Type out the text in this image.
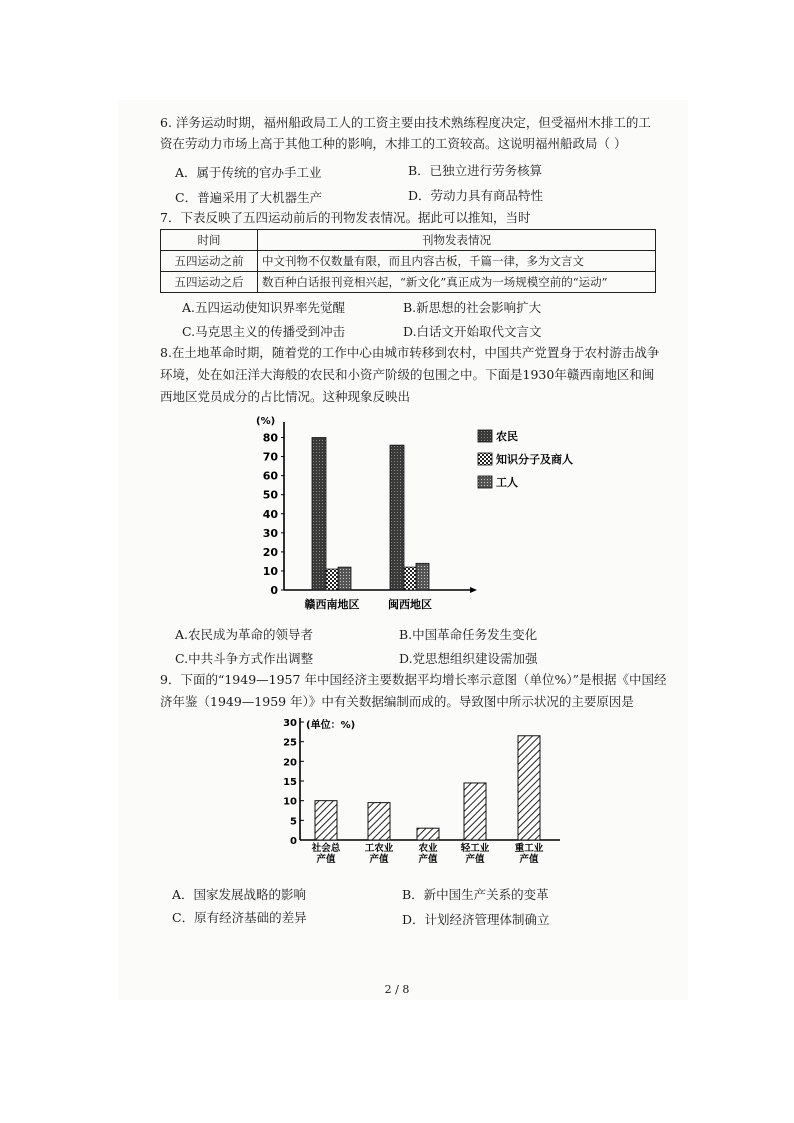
6. 洋务运动时期，福州船政局工人的工资主要由技术熟练程度决定，但受福州木排工的工
资在劳动力市场上高于其他工种的影响，木排工的工资较高。这说明福州船政局（ ）
A．属于传统的官办手工业	B．已独立进行劳务核算
C．普遍采用了大机器生产	D．劳动力具有商品特性
7．下表反映了五四运动前后的刊物发表情况。据此可以推知，当时
时间	刊物发表情况
五四运动之前	中文刊物不仅数量有限，而且内容古板，千篇一律，多为文言文
五四运动之后	数百种白话报刊竞相兴起，“新文化”真正成为一场规模空前的“运动”
A.五四运动使知识界率先觉醒	B.新思想的社会影响扩大
C.马克思主义的传播受到冲击	D.白话文开始取代文言文
8.在土地革命时期，随着党的工作中心由城市转移到农村，中国共产党置身于农村游击战争
环境，处在如汪洋大海般的农民和小资产阶级的包围之中。下面是1930年赣西南地区和闽
西地区党员成分的占比情况。这种现象反映出
(%)
0
10
20
30
40
50
60
70
80
赣西南地区	闽西地区
农民
知识分子及商人
工人
A.农民成为革命的领导者	B.中国革命任务发生变化
C.中共斗争方式作出调整	D.党思想组织建设需加强
9．下面的“1949—1957 年中国经济主要数据平均增长率示意图（单位%）”是根据《中国经
济年鉴（1949—1959 年）》中有关数据编制而成的。导致图中所示状况的主要原因是
(单位：%)
0
5
10
15
20
25
30
社会总
产值
工农业
产值
农业
产值
轻工业
产值
重工业
产值
A．国家发展战略的影响	B．新中国生产关系的变革
C．原有经济基础的差异	D．计划经济管理体制确立
2 / 8
